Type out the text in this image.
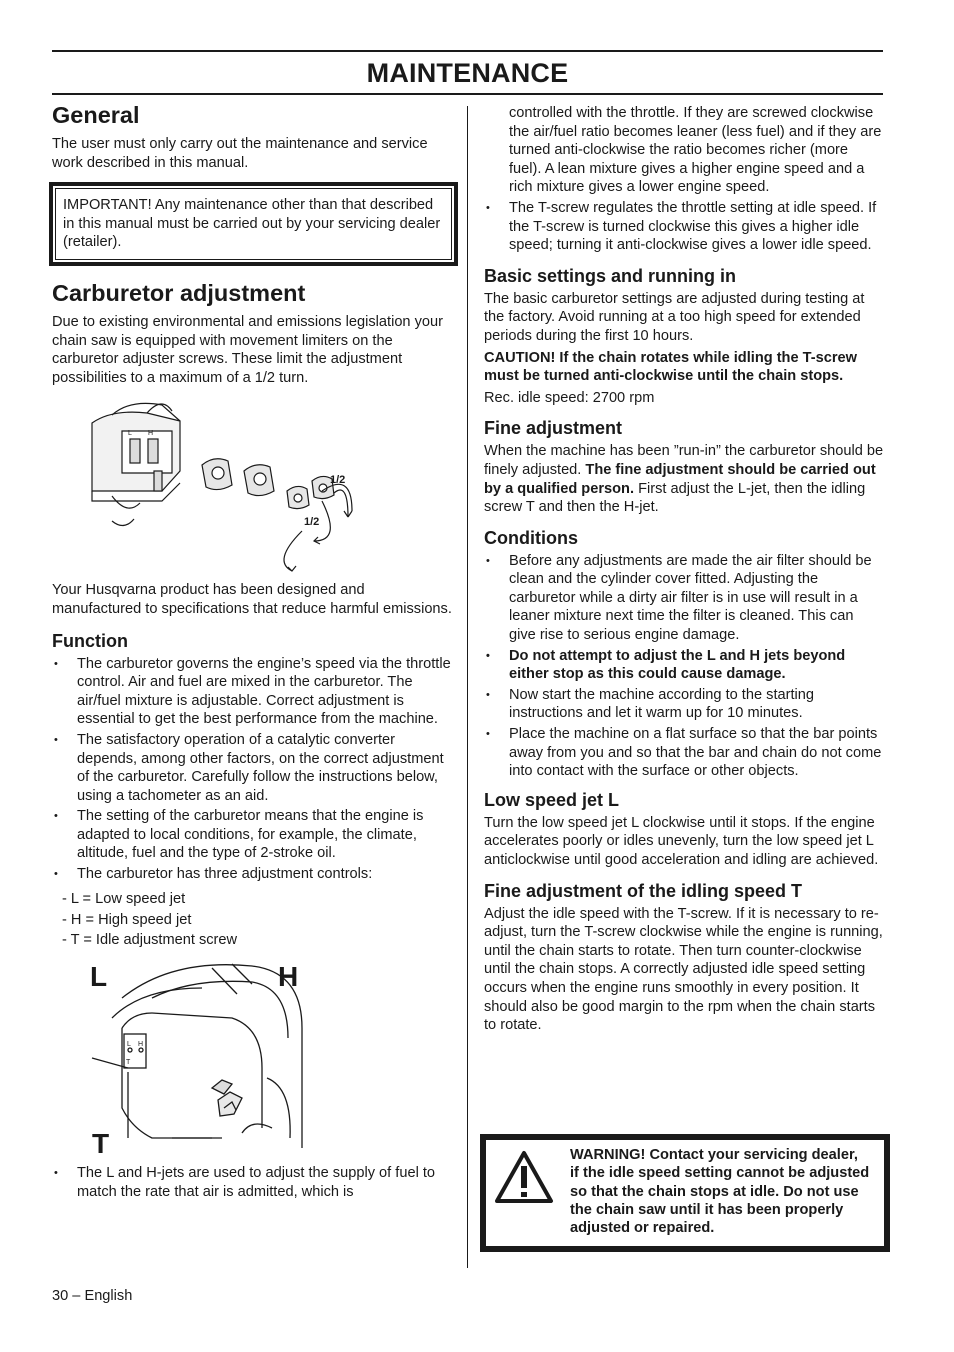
MAINTENANCE
General

The user must only carry out the maintenance and service work described in this manual.

IMPORTANT! Any maintenance other than that described in this manual must be carried out by your servicing dealer (retailer).

Carburetor adjustment

Due to existing environmental and emissions legislation your chain saw is equipped with movement limiters on the carburetor adjuster screws. These limit the adjustment possibilities to a maximum of a 1/2 turn.

1/2
1/2
L H

Your Husqvarna product has been designed and manufactured to specifications that reduce harmful emissions.

Function
• The carburetor governs the engine’s speed via the throttle control. Air and fuel are mixed in the carburetor. The air/fuel mixture is adjustable. Correct adjustment is essential to get the best performance from the machine.
• The satisfactory operation of a catalytic converter depends, among other factors, on the correct adjustment of the carburetor. Carefully follow the instructions below, using a tachometer as an aid.
• The setting of the carburetor means that the engine is adapted to local conditions, for example, the climate, altitude, fuel and the type of 2-stroke oil.
• The carburetor has three adjustment controls:
- L = Low speed jet
- H = High speed jet
- T = Idle adjustment screw
L	H
T
L H
T
• The L and H-jets are used to adjust the supply of fuel to match the rate that air is admitted, which is
controlled with the throttle. If they are screwed clockwise the air/fuel ratio becomes leaner (less fuel) and if they are turned anti-clockwise the ratio becomes richer (more fuel). A lean mixture gives a higher engine speed and a rich mixture gives a lower engine speed.
• The T-screw regulates the throttle setting at idle speed. If the T-screw is turned clockwise this gives a higher idle speed; turning it anti-clockwise gives a lower idle speed.
Basic settings and running in

The basic carburetor settings are adjusted during testing at the factory. Avoid running at a too high speed for extended periods during the first 10 hours.

CAUTION! If the chain rotates while idling the T-screw must be turned anti-clockwise until the chain stops.

Rec. idle speed: 2700 rpm

Fine adjustment

When the machine has been ”run-in” the carburetor should be finely adjusted. The fine adjustment should be carried out by a qualified person. First adjust the L-jet, then the idling screw T and then the H-jet.

Conditions
• Before any adjustments are made the air filter should be clean and the cylinder cover fitted. Adjusting the carburetor while a dirty air filter is in use will result in a leaner mixture next time the filter is cleaned. This can give rise to serious engine damage.
• Do not attempt to adjust the L and H jets beyond either stop as this could cause damage.
• Now start the machine according to the starting instructions and let it warm up for 10 minutes.
• Place the machine on a flat surface so that the bar points away from you and so that the bar and chain do not come into contact with the surface or other objects.
Low speed jet L

Turn the low speed jet L clockwise until it stops. If the engine accelerates poorly or idles unevenly, turn the low speed jet L anticlockwise until good acceleration and idling are achieved.

Fine adjustment of the idling speed T

Adjust the idle speed with the T-screw. If it is necessary to re-adjust, turn the T-screw clockwise while the engine is running, until the chain starts to rotate. Then turn counter-clockwise until the chain stops. A correctly adjusted idle speed setting occurs when the engine runs smoothly in every position. It should also be good margin to the rpm when the chain starts to rotate.

WARNING! Contact your servicing dealer, if the idle speed setting cannot be adjusted so that the chain stops at idle. Do not use the chain saw until it has been properly adjusted or repaired.
30 – English
